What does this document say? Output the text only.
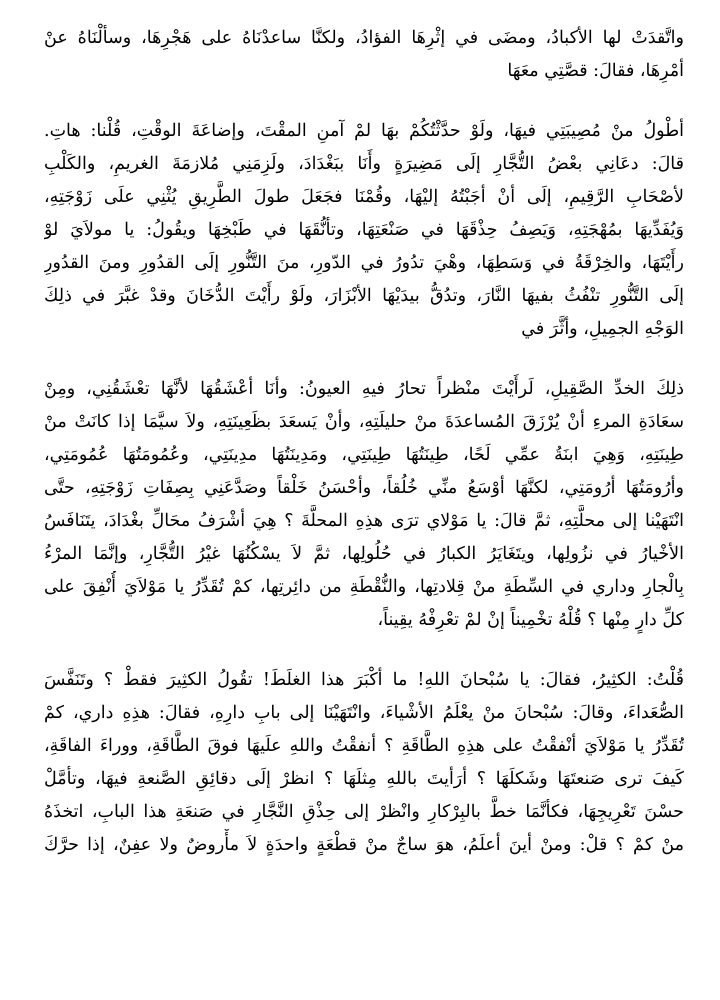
واتَّقدَتْ لها الأكبادُ، ومضَى في إثْرِهَا الفؤادُ، ولكنَّا ساعدْنَاهُ على هَجْرِهَا، وسألْنَاهُ عنْ
أمْرِهَا، فقالَ: قصَّتِي معَهَا
أطْولُ منْ مُصِيبَتِي فيهَا، ولَوْ حدَّثْتُكُمْ بهَا لمْ آمنِ المقْتَ، وإضاعَةَ الوقْتِ، قُلْنا: هاتِ.
قالَ: دعَانِي بعْضُ التُّجَّارِ إلَى مَضِيرَةٍ وأَنَا ببَغْدَادَ، ولَزِمَنِي مُلازمَةَ الغريمِ، والكَلْبِ
لأصْحَابِ الرَّقِيمِ، إلَى أنْ أجَبْتُهُ إليْهَا، وقُمْنَا فجَعَلَ طولَ الطَّرِيقِ يُثْنِي علَى زَوْجَتِهِ،
وَيُفَدِّيهَا بمُهْجَتِهِ، وَيَصِفُ حِذْقَهَا في صَنْعَتِهَا، وتأنُّقَهَا في طَبْخِهَا ويقُولُ: يا مولاَيَ لوْ
رأَيْتَهَا، والخِرْقَةُ في وَسَطِهَا، وهْيَ تدُورُ في الدّورِ، منَ التَّنُّورِ إلَى القدُورِ ومنَ القدُورِ
إلَى التَّنُّورِ تنْفُثُ بفيهَا النَّارَ، وتدُقُّ بيدَيْهَا الأبْزَارَ، ولَوْ رأَيْتَ الدُّخَانَ وقدْ غبَّرَ في ذلِكَ
الوَجْهِ الجمِيلِ، وأثَّرَ في
ذلِكَ الخدِّ الصَّقِيلِ، لَرأَيْتَ منْظراً تحارُ فيهِ العيونُ: وأنَا أعْشَقُهَا لأنَّهَا تعْشَقُنِي، ومِنْ
سعَادَةِ المرءِ أنْ يُرْزَقَ المُساعدَةَ منْ حليلَتِهِ، وأنْ يَسعَدَ بظَعِينَتِهِ، ولاَ سيَّمَا إذا كانَتْ منْ
طِينَتِهِ، وَهِيَ ابنَةُ عمِّي لَحًا، طِينَتُهَا طِينَتِي، ومَدِينَتُهَا مدِينَتِي، وعُمُومَتُهَا عُمُومَتِي،
وأرُومَتُهَا أرُومَتِي، لكنَّهَا أوْسَعُ منِّي خُلُقاً، وأحْسَنُ خَلْقاً وصَدَّعَنِي بِصِفَاتِ زَوْجَتِهِ، حتَّى
انْتَهَيْنا إلى محلَّتِهِ، ثمَّ قالَ: يا مَوْلاي ترَى هذِهِ المحلَّةَ ؟ هِيَ أشْرَفُ محَالِّ بغْدَادَ، يتَنَافَسُ
الأخْيارُ في نزُولِها، ويتَغَايَرُ الكبارُ في حُلُولِها، ثمَّ لاَ يسْكُنُهَا غيْرُ التُّجَّارِ، وإنَّمَا المرْءُ
بِالْجارِ وداري في السِّطَةِ منْ قِلادتِها، والنُّقْطَةِ من دائِرتِها، كمْ تُقَدِّرُ يا مَوْلاَيَ أُنْفِقَ على
كلِّ دارٍ مِنْها ؟ قُلْهُ تخْمِيناً إنْ لمْ تعْرِفْهُ يقِيناً،
قُلْتُ: الكثِيرُ، فقالَ: يا سُبْحانَ اللهِ! ما أكْبَرَ هذا الغلَطَ! تقُولُ الكثِيرَ فقطْ ؟ وتَنَفَّسَ
الصُّعَداءَ، وقالَ: سُبْحانَ منْ يعْلَمُ الأشْياءَ، وانْتَهَيْنَا إلى بابِ دارِهِ، فقالَ: هذِهِ داري، كمْ
تُقَدِّرُ يا مَوْلاَيَ أنْفقْتُ على هذِهِ الطَّاقَةِ ؟ أنفقْتُ واللهِ علَيهَا فوقَ الطَّاقَةِ، ووراءَ الفاقَةِ،
كَيفَ ترى صَنعتَهَا وشَكلَهَا ؟ أرَأيتَ باللهِ مِثلَهَا ؟ انظرْ إلَى دقائِقِ الصَّنعةِ فيهَا، وتأمَّلْ
حسْنَ تَعْرِيجِهَا، فكأنَّمَا خطَّ بالبِرْكارِ وانْظرْ إلى حِذْقِ النَّجَّارِ في صَنعَةِ هذا البابِ، اتخذَهُ
منْ كمْ ؟ قلْ: ومنْ أينَ أعلَمُ، هوَ ساجٌ منْ قطْعَةٍ واحدَةٍ لاَ مأْروضٌ ولا عفِنٌ، إذا حرَّكَ
